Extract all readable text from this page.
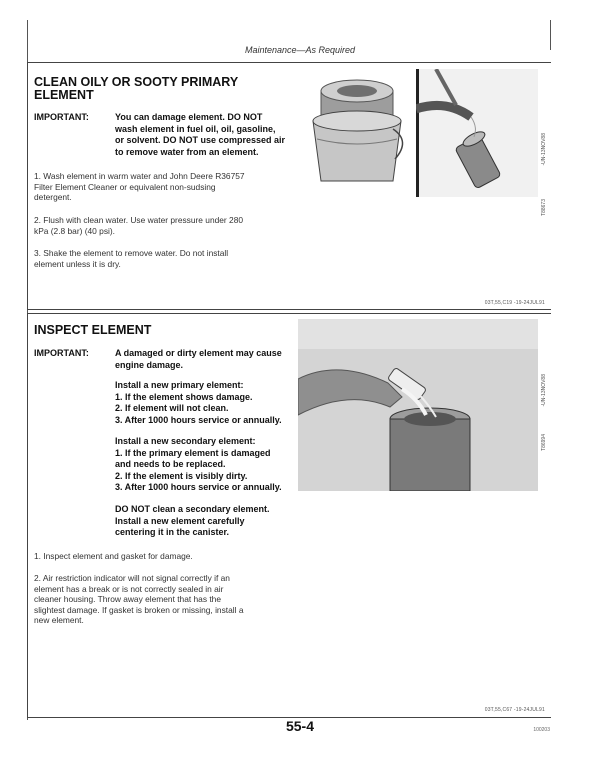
Maintenance—As Required
CLEAN OILY OR SOOTY PRIMARY
ELEMENT
IMPORTANT:	You can damage element. DO NOT
wash element in fuel oil, oil, gasoline,
or solvent. DO NOT use compressed air
to remove water from an element.
1. Wash element in warm water and John Deere R36757
Filter Element Cleaner or equivalent non-sudsing
detergent.
2. Flush with clean water. Use water pressure under 280
kPa (2.8 bar) (40 psi).
3. Shake the element to remove water. Do not install
element unless it is dry.
T88673
-UN-13NOV88
03T,55,C19 -19-24JUL91
INSPECT ELEMENT
IMPORTANT:	A damaged or dirty element may cause
engine damage.
Install a new primary element:
1. If the element shows damage.
2. If element will not clean.
3. After 1000 hours service or annually.
Install a new secondary element:
1. If the primary element is damaged
and needs to be replaced.
2. If the element is visibly dirty.
3. After 1000 hours service or annually.
DO NOT clean a secondary element.
Install a new element carefully
centering it in the canister.
1. Inspect element and gasket for damage.
2. Air restriction indicator will not signal correctly if an
element has a break or is not correctly sealed in air
cleaner housing. Throw away element that has the
slightest damage. If gasket is broken or missing, install a
new element.
T86994
-UN-13NOV88
03T,55,C67 -19-24JUL91
55-4	100203
